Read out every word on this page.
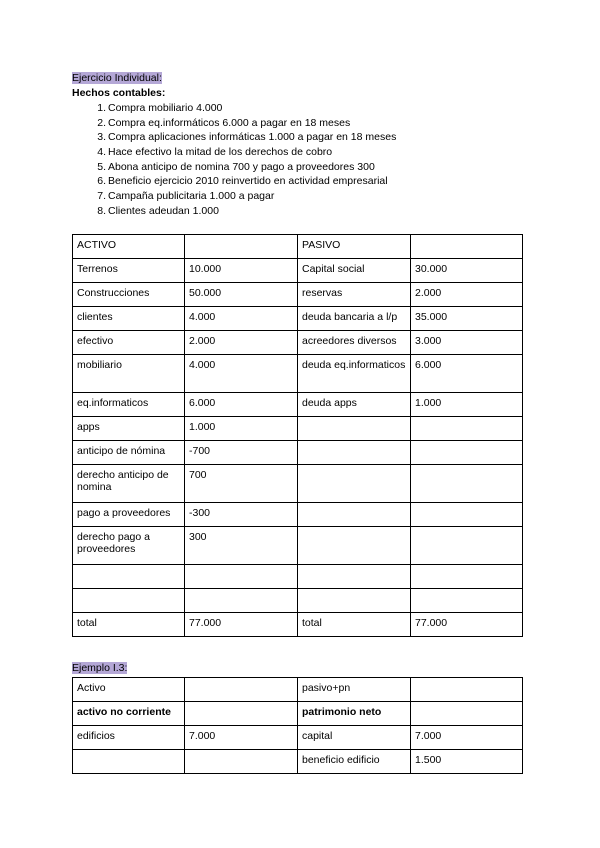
Ejercicio Individual:
Hechos contables:
1. Compra mobiliario 4.000
2. Compra eq.informáticos 6.000 a pagar en 18 meses
3. Compra aplicaciones informáticas 1.000 a pagar en 18 meses
4. Hace efectivo la mitad de los derechos de cobro
5. Abona anticipo de nomina 700 y pago a proveedores 300
6. Beneficio ejercicio 2010 reinvertido en actividad empresarial
7. Campaña publicitaria 1.000 a pagar
8. Clientes adeudan 1.000
ACTIVO		PASIVO	
Terrenos	10.000	Capital social	30.000
Construcciones	50.000	reservas	2.000
clientes	4.000	deuda bancaria a l/p	35.000
efectivo	2.000	acreedores diversos	3.000
mobiliario	4.000	deuda eq.informaticos	6.000
eq.informaticos	6.000	deuda apps	1.000
apps	1.000		
anticipo de nómina	-700		
derecho anticipo de nomina	700		
pago a proveedores	-300		
derecho pago a proveedores	300		

total	77.000	total	77.000
Ejemplo I.3:
Activo		pasivo+pn	
activo no corriente		patrimonio neto	
edificios	7.000	capital	7.000
		beneficio edificio	1.500
